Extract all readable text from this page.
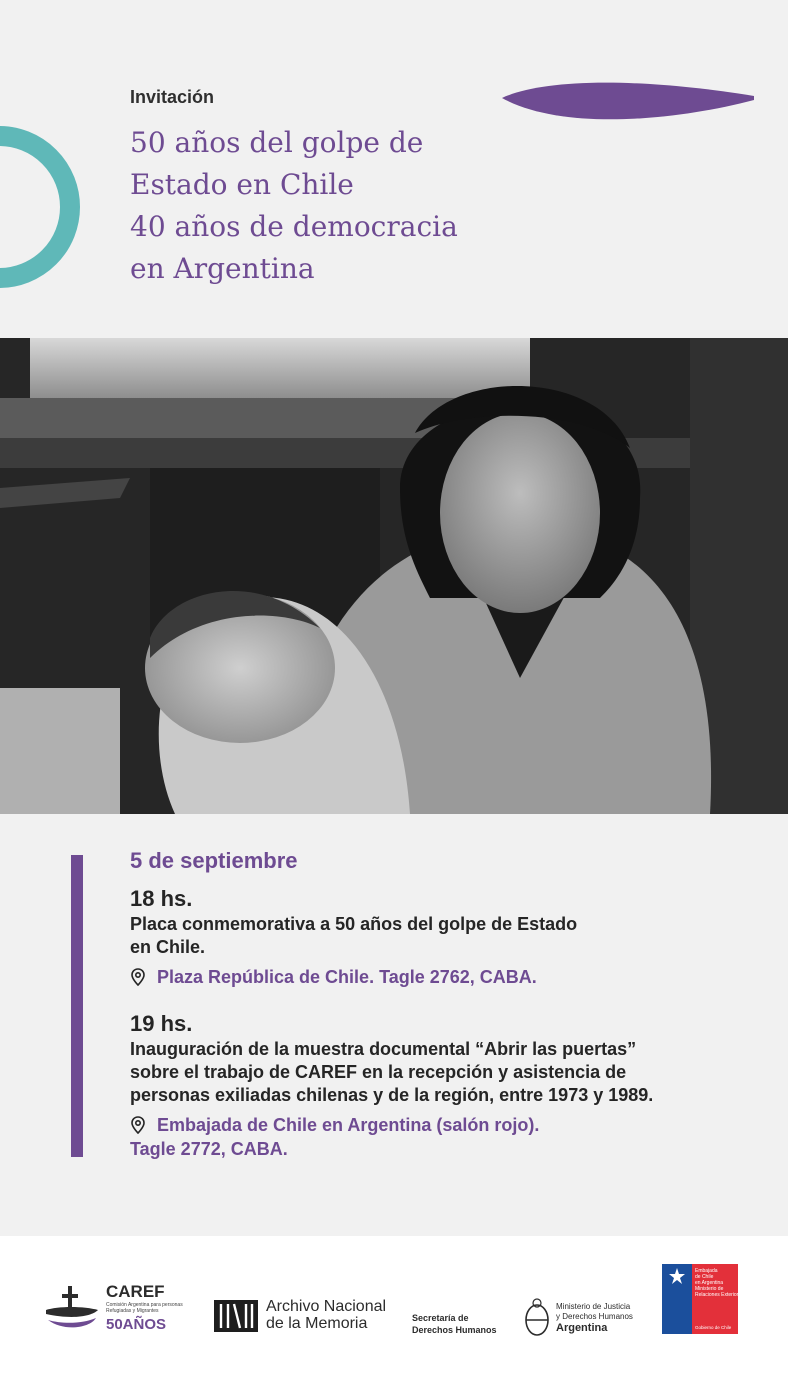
Invitación
50 años del golpe de
Estado en Chile
40 años de democracia
en Argentina
5 de septiembre
18 hs.
Placa conmemorativa a 50 años del golpe de Estado
en Chile.
Plaza República de Chile. Tagle 2762, CABA.
19 hs.
Inauguración de la muestra documental “Abrir las puertas”
sobre el trabajo de CAREF en la recepción y asistencia de
personas exiliadas chilenas y de la región, entre 1973 y 1989.
Embajada de Chile en Argentina (salón rojo).
Tagle 2772, CABA.
CAREF
Comisión Argentina para personas
Refugiadas y Migrantes
50AÑOS
Archivo Nacional
de la Memoria	Secretaría de
Derechos Humanos
Ministerio de Justicia
y Derechos Humanos
Argentina
Embajada
de Chile
en Argentina
Ministerio de
Relaciones Exteriores
Gobierno de Chile
